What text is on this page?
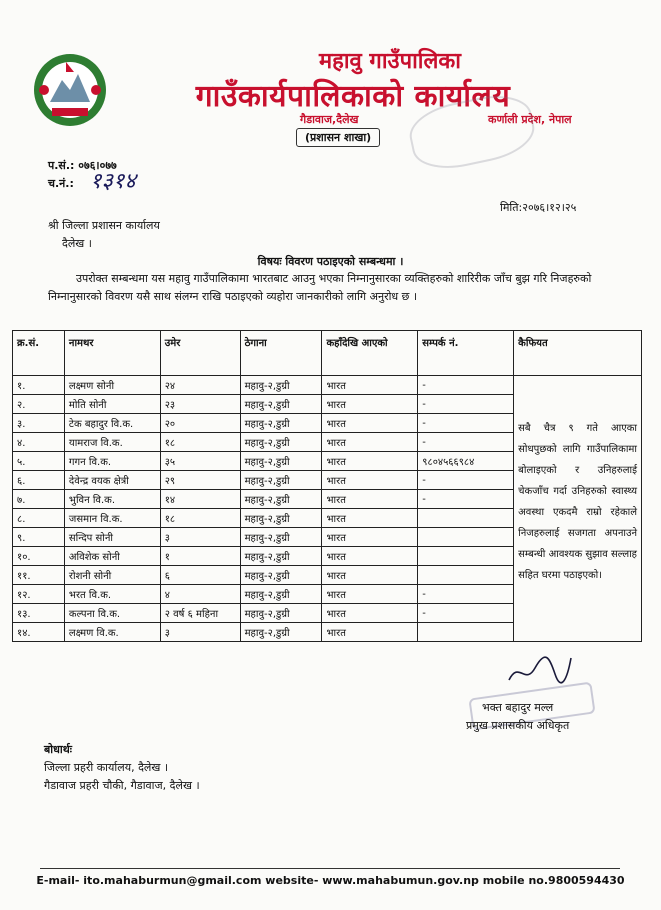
महावु गाउँपालिका
गाउँकार्यपालिकाको कार्यालय
गैडावाज,दैलेख	कर्णाली प्रदेश, नेपाल
(प्रशासन शाखा)
प.सं.: ०७६।०७७
च.नं.: १३१४
मिति:२०७६।१२।२५
श्री जिल्ला प्रशासन कार्यालय
दैलेख ।
विषयः विवरण पठाइएको सम्बन्धमा ।
उपरोक्त सम्बन्धमा यस महावु गाउँपालिकामा भारतबाट आउनु भएका निम्नानुसारका व्यक्तिहरुको शारिरीक जाँच बुझ गरि निजहरुको निम्नानुसारको विवरण यसै साथ संलग्न राखि पठाइएको व्यहोरा जानकारीको लागि अनुरोध छ ।
क्र.सं.	नामथर	उमेर	ठेगाना	कहाँदेखि आएको	सम्पर्क नं.	कैफियत
१.	लक्ष्मण सोनी	२४	महावु-२,डुग्री	भारत	-	सबै चैत्र ९ गते आएका सोधपुछको लागि गाउँपालिकामा बोलाइएको र उनिहरुलाई चेकजाँच गर्दा उनिहरुको स्वास्थ्य अवस्था एकदमै राम्रो रहेकाले निजहरुलाई सजगता अपनाउने सम्बन्धी आवश्यक सुझाव सल्लाह सहित घरमा पठाइएको।
२.	मोति सोनी	२३	महावु-२,डुग्री	भारत	-	
३.	टेक बहादुर वि.क.	२०	महावु-२,डुग्री	भारत	-	
४.	यामराज वि.क.	१८	महावु-२,डुग्री	भारत	-	
५.	गगन वि.क.	३५	महावु-२,डुग्री	भारत	९८०४५६६९८४	
६.	देवेन्द्र वयक क्षेत्री	२९	महावु-२,डुग्री	भारत	-	
७.	भुविन वि.क.	१४	महावु-२,डुग्री	भारत	-	
८.	जसमान वि.क.	१८	महावु-२,डुग्री	भारत		
९.	सन्दिप सोनी	३	महावु-२,डुग्री	भारत		
१०.	अविशेक सोनी	१	महावु-२,डुग्री	भारत		
११.	रोशनी सोनी	६	महावु-२,डुग्री	भारत		
१२.	भरत वि.क.	४	महावु-२,डुग्री	भारत	-	
१३.	कल्पना वि.क.	२ वर्ष ६ महिना	महावु-२,डुग्री	भारत	-	
१४.	लक्ष्मण वि.क.	३	महावु-२,डुग्री	भारत		
भक्त बहादुर मल्ल
प्रमुख प्रशासकीय अधिकृत
बोधार्थः
जिल्ला प्रहरी कार्यालय, दैलेख ।
गैडावाज प्रहरी चौकी, गैडावाज, दैलेख ।
E-mail- ito.mahaburmun@gmail.com website- www.mahabumun.gov.np mobile no.9800594430
